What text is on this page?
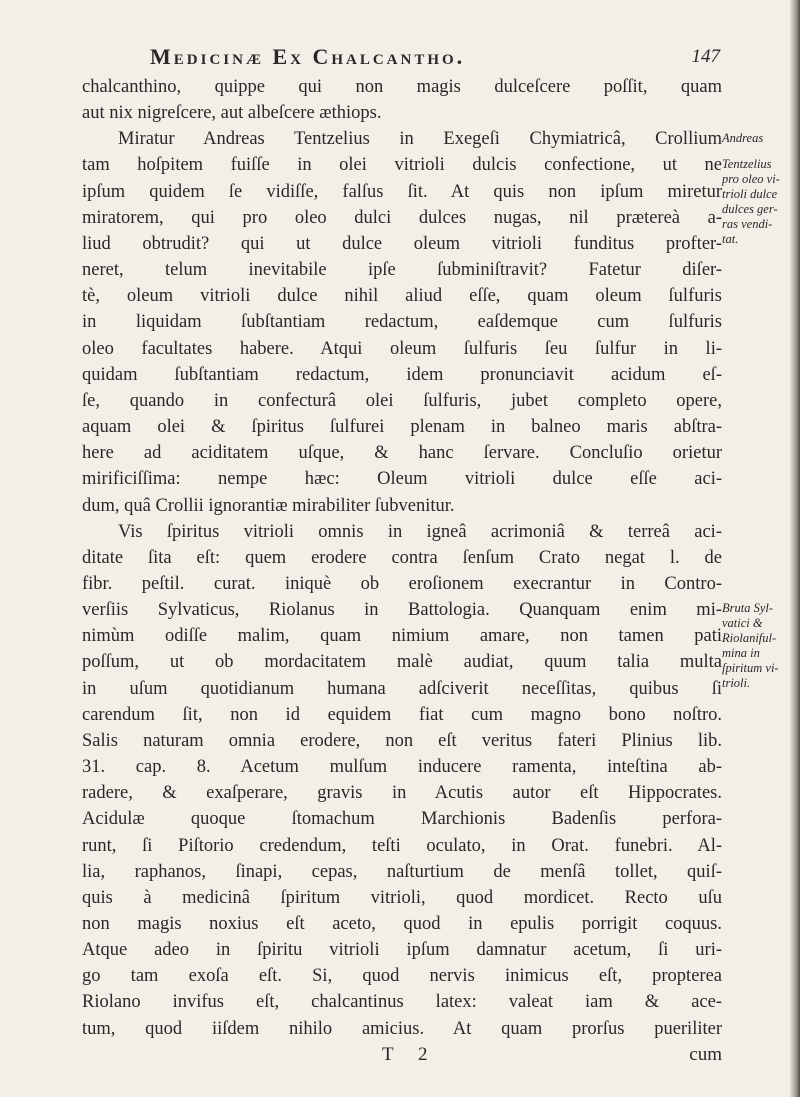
Medicinæ Ex Chalcantho.	147

chalcanthino, quippe qui non magis dulceſcere poſſit, quam
aut nix nigreſcere, aut albeſcere æthiops.

Miratur Andreas Tentzelius in Exegeſi Chymiatricâ, Crollium
tam hoſpitem fuiſſe in olei vitrioli dulcis confectione, ut ne
ipſum quidem ſe vidiſſe, falſus ſit. At quis non ipſum miretur
miratorem, qui pro oleo dulci dulces nugas, nil prætereà a-
liud obtrudit? qui ut dulce oleum vitrioli funditus profter-
neret, telum inevitabile ipſe ſubminiſtravit? Fatetur diſer-
tè, oleum vitrioli dulce nihil aliud eſſe, quam oleum ſulfuris
in liquidam ſubſtantiam redactum, eaſdemque cum ſulfuris
oleo facultates habere. Atqui oleum ſulfuris ſeu ſulfur in li-
quidam ſubſtantiam redactum, idem pronunciavit acidum eſ-
ſe, quando in confecturâ olei ſulfuris, jubet completo opere,
aquam olei & ſpiritus ſulfurei plenam in balneo maris abſtra-
here ad aciditatem uſque, & hanc ſervare. Concluſio orietur
mirificiſſima: nempe hæc: Oleum vitrioli dulce eſſe aci-
dum, quâ Crollii ignorantiæ mirabiliter ſubvenitur.

Vis ſpiritus vitrioli omnis in igneâ acrimoniâ & terreâ aci-
ditate ſita eſt: quem erodere contra ſenſum Crato negat l. de
fibr. peſtil. curat. iniquè ob eroſionem execrantur in Contro-
verſiis Sylvaticus, Riolanus in Battologia. Quanquam enim mi-
nimùm odiſſe malim, quam nimium amare, non tamen pati
poſſum, ut ob mordacitatem malè audiat, quum talia multa
in uſum quotidianum humana adſciverit neceſſitas, quibus ſi
carendum ſit, non id equidem fiat cum magno bono noſtro.
Salis naturam omnia erodere, non eſt veritus fateri Plinius lib.
31. cap. 8. Acetum mulſum inducere ramenta, inteſtina ab-
radere, & exaſperare, gravis in Acutis autor eſt Hippocrates.
Acidulæ quoque ſtomachum Marchionis Badenſis perfora-
runt, ſi Piſtorio credendum, teſti oculato, in Orat. funebri. Al-
lia, raphanos, ſinapi, cepas, naſturtium de menſâ tollet, quiſ-
quis à medicinâ ſpiritum vitrioli, quod mordicet. Recto uſu
non magis noxius eſt aceto, quod in epulis porrigit coquus.
Atque adeo in ſpiritu vitrioli ipſum damnatur acetum, ſi uri-
go tam exoſa eſt. Si, quod nervis inimicus eſt, propterea
Riolano invifus eſt, chalcantinus latex: valeat iam & ace-
tum, quod iiſdem nihilo amicius. At quam prorſus pueriliter

Andreas
Tentzelius
pro oleo vi-
trioli dulce
dulces ger-
ras vendi-
tat.
Bruta Syl-
vatici &
Riolaniful-
mina in
ſpiritum vi-
trioli.
T 2	cum
